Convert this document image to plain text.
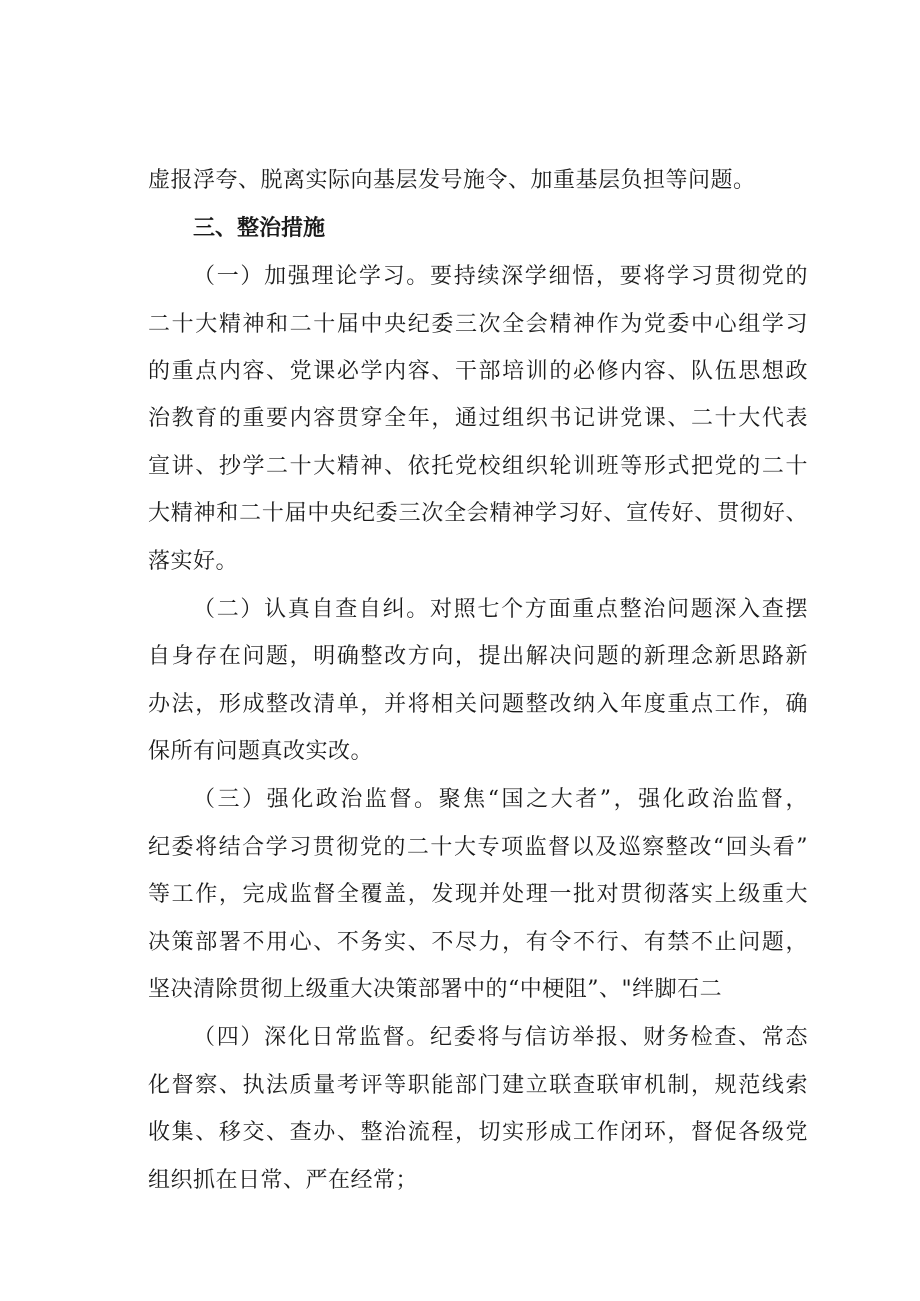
虚报浮夸、脱离实际向基层发号施令、加重基层负担等问题。
三、整治措施
（一）加强理论学习。要持续深学细悟，要将学习贯彻党的
二十大精神和二十届中央纪委三次全会精神作为党委中心组学习
的重点内容、党课必学内容、干部培训的必修内容、队伍思想政
治教育的重要内容贯穿全年，通过组织书记讲党课、二十大代表
宣讲、抄学二十大精神、依托党校组织轮训班等形式把党的二十
大精神和二十届中央纪委三次全会精神学习好、宣传好、贯彻好、
落实好。
（二）认真自查自纠。对照七个方面重点整治问题深入查摆
自身存在问题，明确整改方向，提出解决问题的新理念新思路新
办法，形成整改清单，并将相关问题整改纳入年度重点工作，确
保所有问题真改实改。
（三）强化政治监督。聚焦“国之大者”，强化政治监督，
纪委将结合学习贯彻党的二十大专项监督以及巡察整改“回头看”
等工作，完成监督全覆盖，发现并处理一批对贯彻落实上级重大
决策部署不用心、不务实、不尽力，有令不行、有禁不止问题，
坚决清除贯彻上级重大决策部署中的“中梗阻”、"绊脚石二
（四）深化日常监督。纪委将与信访举报、财务检查、常态
化督察、执法质量考评等职能部门建立联查联审机制，规范线索
收集、移交、查办、整治流程，切实形成工作闭环，督促各级党
组织抓在日常、严在经常；
